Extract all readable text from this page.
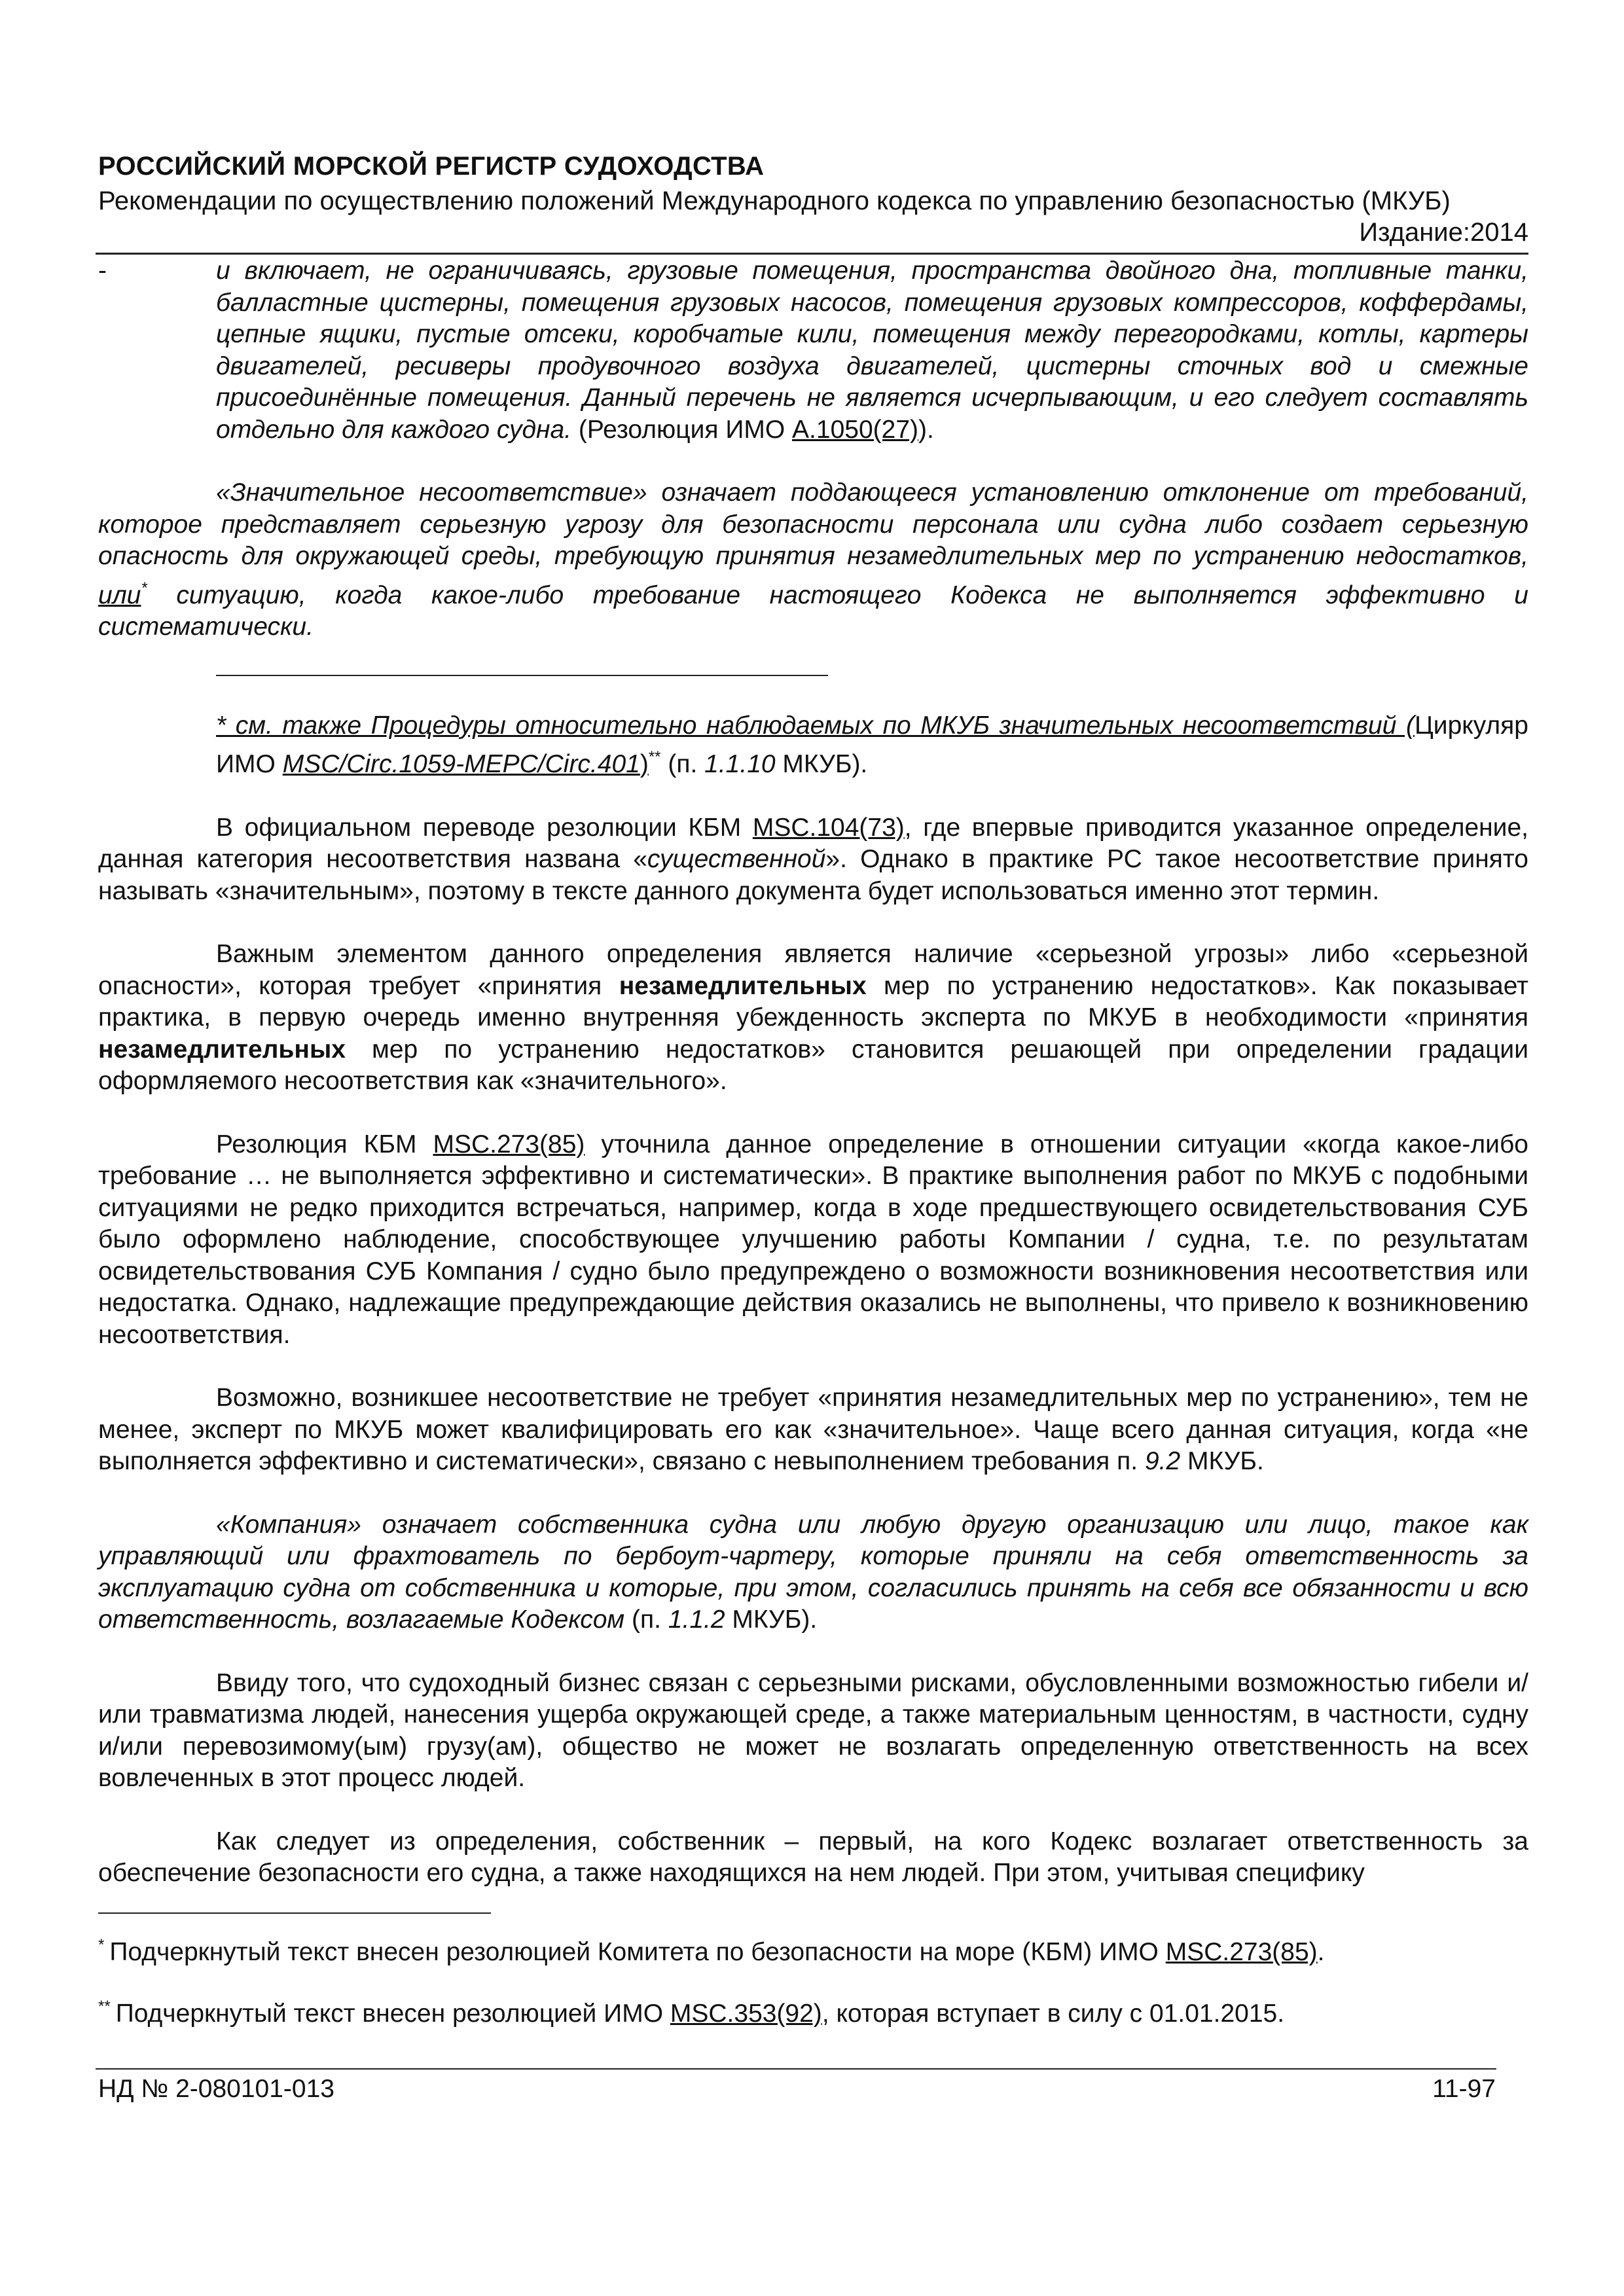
РОССИЙСКИЙ МОРСКОЙ РЕГИСТР СУДОХОДСТВА
Рекомендации по осуществлению положений Международного кодекса по управлению безопасностью (МКУБ)
Издание:2014
-	и включает, не ограничиваясь, грузовые помещения, пространства двойного дна, топливные танки, балластные цистерны, помещения грузовых насосов, помещения грузовых компрессоров, коффердамы, цепные ящики, пустые отсеки, коробчатые кили, помещения между перегородками, котлы, картеры двигателей, ресиверы продувочного воздуха двигателей, цистерны сточных вод и смежные присоединённые помещения. Данный перечень не является исчерпывающим, и его следует составлять отдельно для каждого судна. (Резолюция ИМО А.1050(27)).

«Значительное несоответствие» означает поддающееся установлению отклонение от требований, которое представляет серьезную угрозу для безопасности персонала или судна либо создает серьезную опасность для окружающей среды, требующую принятия незамедлительных мер по устранению недостатков, или* ситуацию, когда какое-либо требование настоящего Кодекса не выполняется эффективно и систематически.

* см. также Процедуры относительно наблюдаемых по МКУБ значительных несоответствий (Циркуляр ИМО MSC/Circ.1059-MEPC/Circ.401)** (п. 1.1.10 МКУБ).

В официальном переводе резолюции КБМ MSC.104(73), где впервые приводится указанное определение, данная категория несоответствия названа «существенной». Однако в практике РС такое несоответствие принято называть «значительным», поэтому в тексте данного документа будет использоваться именно этот термин.

Важным элементом данного определения является наличие «серьезной угрозы» либо «серьезной опасности», которая требует «принятия незамедлительных мер по устранению недостатков». Как показывает практика, в первую очередь именно внутренняя убежденность эксперта по МКУБ в необходимости «принятия незамедлительных мер по устранению недостатков» становится решающей при определении градации оформляемого несоответствия как «значительного».

Резолюция КБМ MSC.273(85) уточнила данное определение в отношении ситуации «когда какое-либо требование … не выполняется эффективно и систематически». В практике выполнения работ по МКУБ с подобными ситуациями не редко приходится встречаться, например, когда в ходе предшествующего освидетельствования СУБ было оформлено наблюдение, способствующее улучшению работы Компании / судна, т.е. по результатам освидетельствования СУБ Компания / судно было предупреждено о возможности возникновения несоответствия или недостатка. Однако, надлежащие предупреждающие действия оказались не выполнены, что привело к возникновению несоответствия.

Возможно, возникшее несоответствие не требует «принятия незамедлительных мер по устранению», тем не менее, эксперт по МКУБ может квалифицировать его как «значительное». Чаще всего данная ситуация, когда «не выполняется эффективно и систематически», связано с невыполнением требования п. 9.2 МКУБ.

«Компания» означает собственника судна или любую другую организацию или лицо, такое как управляющий или фрахтователь по бербоут-чартеру, которые приняли на себя ответственность за эксплуатацию судна от собственника и которые, при этом, согласились принять на себя все обязанности и всю ответственность, возлагаемые Кодексом (п. 1.1.2 МКУБ).

Ввиду того, что судоходный бизнес связан с серьезными рисками, обусловленными возможностью гибели и/или травматизма людей, нанесения ущерба окружающей среде, а также материальным ценностям, в частности, судну и/или перевозимому(ым) грузу(ам), общество не может не возлагать определенную ответственность на всех вовлеченных в этот процесс людей.

Как следует из определения, собственник – первый, на кого Кодекс возлагает ответственность за обеспечение безопасности его судна, а также находящихся на нем людей. При этом, учитывая специфику

* Подчеркнутый текст внесен резолюцией Комитета по безопасности на море (КБМ) ИМО MSC.273(85).
** Подчеркнутый текст внесен резолюцией ИМО MSC.353(92), которая вступает в силу с 01.01.2015.
НД № 2-080101-013	11-97
